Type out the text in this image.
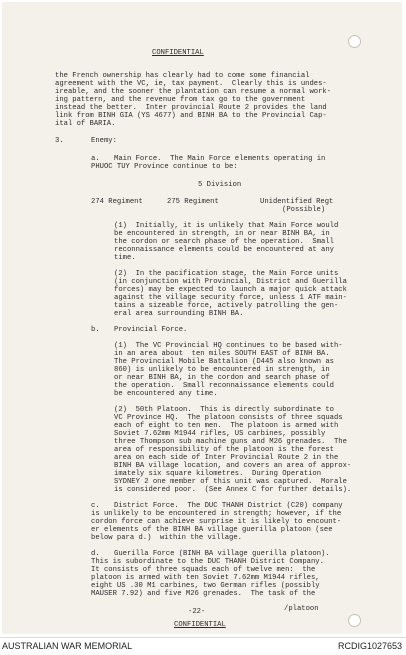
CONFIDENTIAL
the French ownership has clearly had to come some financial
agreement with the VC, ie, tax payment.  Clearly this is undes-
ireable, and the sooner the plantation can resume a normal work-
ing pattern, and the revenue from tax go to the government
instead the better.  Inter provincial Route 2 provides the land
link from BINH GIA (YS 4677) and BINH BA to the Provincial Cap-
ital of BARIA.
3.	Enemy:
a. Main Force.  The Main Force elements operating in
PHUOC TUY Province continue to be:
5 Division
274 Regiment	275 Regiment	Unidentified Regt
(Possible)
(1)  Initially, it is unlikely that Main Force would
be encountered in strength, in or near BINH BA, in
the cordon or search phase of the operation.  Small
reconnaissance elements could be encountered at any
time.
(2)  In the pacification stage, the Main Force units
(in conjunction with Provincial, District and Guerilla
forces) may be expected to launch a major quick attack
against the village security force, unless 1 ATF main-
tains a sizeable force, actively patrolling the gen-
eral area surrounding BINH BA.
b. Provincial Force.
(1)  The VC Provincial HQ continues to be based with-
in an area about  ten miles SOUTH EAST of BINH BA.
The Provincial Mobile Battalion (D445 also known as
860) is unlikely to be encountered in strength, in
or near BINH BA, in the cordon and search phase of
the operation.  Small reconnaissance elements could
be encountered any time.
(2)  50th Platoon.  This is directly subordinate to
VC Province HQ.  The platoon consists of three squads
each of eight to ten men.  The platoon is armed with
Soviet 7.62mm M1944 rifles, US carbines, possibly
three Thompson sub machine guns and M26 grenades.  The
area of responsibility of the platoon is the forest
area on each side of Inter Provincial Route 2 in the
BINH BA village location, and covers an area of approx-
imately six square kilometres.  During Operation
SYDNEY 2 one member of this unit was captured.  Morale
is considered poor.  (See Annex C for further details).
c. District Force.  The DUC THANH District (C20) company
is unlikely to be encountered in strength; however, if the
cordon force can achieve surprise it is likely to encount-
er elements of the BINH BA village guerilla platoon (see
below para d.)  within the village.
d. Guerilla Force (BINH BA village guerilla platoon).
This is subordinate to the DUC THANH District Company.
It consists of three squads each of twelve men:  the
platoon is armed with ten Soviet 7.62mm M1944 rifles,
eight US .30 M1 carbines, two German rifles (possibly
MAUSER 7.92) and five M26 grenades.  The task of the
-22-	/platoon
CONFIDENTIAL
AUSTRALIAN WAR MEMORIAL	RCDIG1027653
